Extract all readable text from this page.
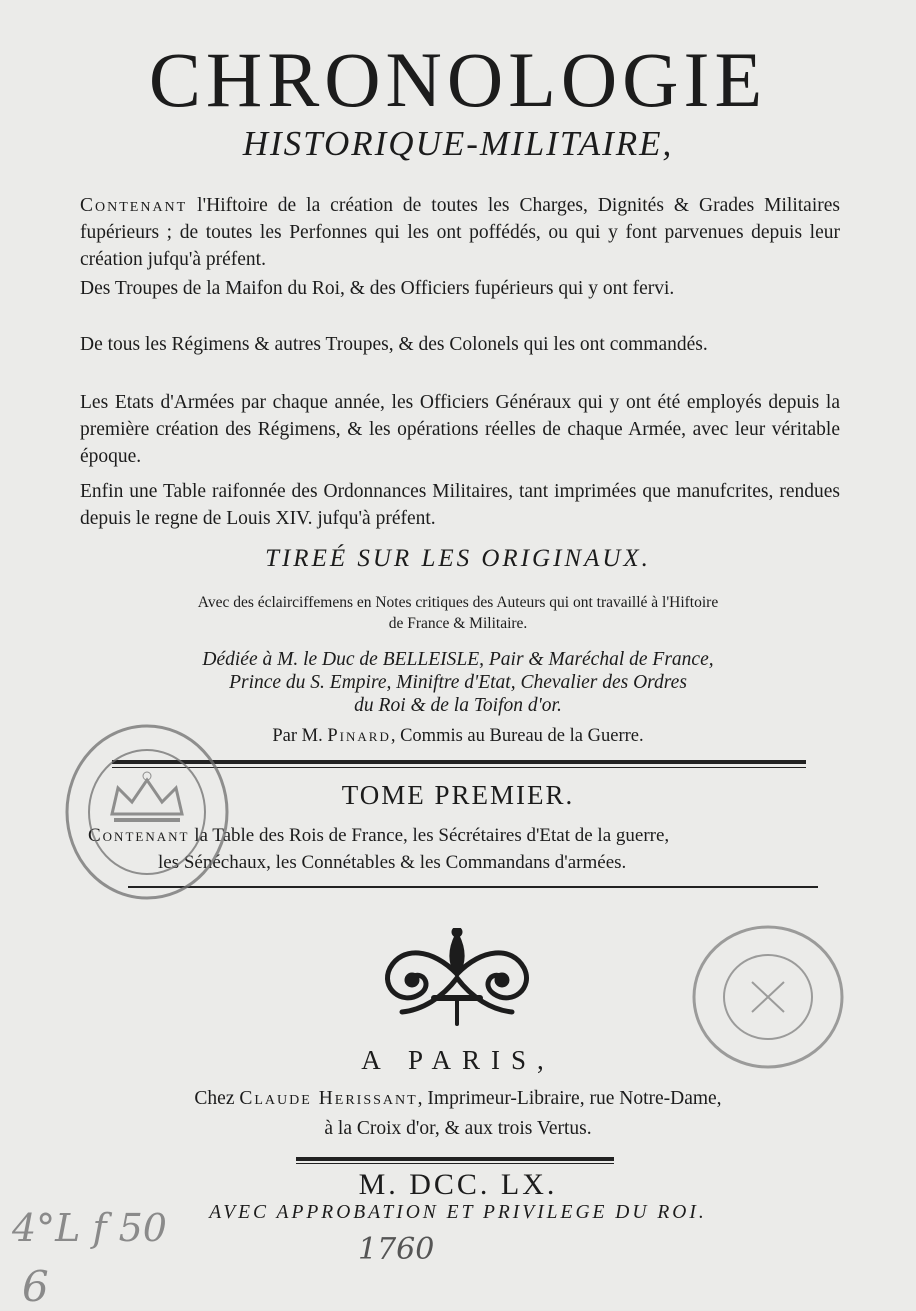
CHRONOLOGIE
HISTORIQUE-MILITAIRE,
Contenant l'Hiftoire de la création de toutes les Charges, Dignités & Grades Militaires fupérieurs ; de toutes les Perfonnes qui les ont poffédés, ou qui y font parvenues depuis leur création jufqu'à préfent.
Des Troupes de la Maifon du Roi, & des Officiers fupérieurs qui y ont fervi.
De tous les Régimens & autres Troupes, & des Colonels qui les ont commandés.
Les Etats d'Armées par chaque année, les Officiers Généraux qui y ont été employés depuis la première création des Régimens, & les opérations réelles de chaque Armée, avec leur véritable époque.
Enfin une Table raifonnée des Ordonnances Militaires, tant imprimées que manufcrites, rendues depuis le regne de Louis XIV. jufqu'à préfent.
TIREÉ SUR LES ORIGINAUX.
Avec des éclairciffemens en Notes critiques des Auteurs qui ont travaillé à l'Hiftoire
de France & Militaire.
Dédiée à M. le Duc de BELLEISLE, Pair & Maréchal de France,
Prince du S. Empire, Miniftre d'Etat, Chevalier des Ordres
du Roi & de la Toifon d'or.
Par M. Pinard, Commis au Bureau de la Guerre.
TOME PREMIER.
Contenant la Table des Rois de France, les Sécrétaires d'Etat de la guerre,
les Sénéchaux, les Connétables & les Commandans d'armées.
A PARIS,
Chez Claude Herissant, Imprimeur-Libraire, rue Notre-Dame,
à la Croix d'or, & aux trois Vertus.
M. DCC. LX.
AVEC APPROBATION ET PRIVILEGE DU ROI.
4°L f 50
6
1760
